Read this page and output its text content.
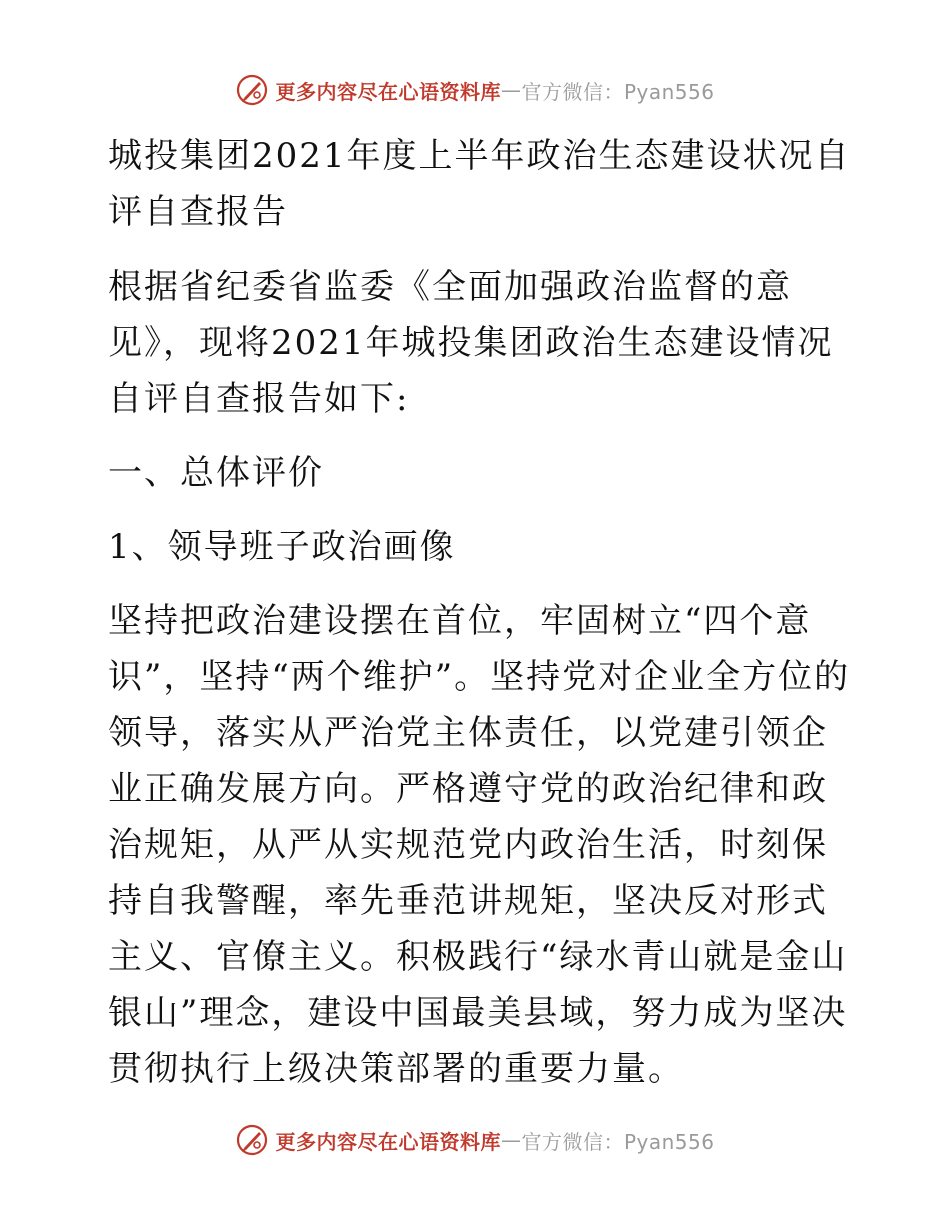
更多内容尽在心语资料库 — 官方微信：Pyan556

城投集团2021年度上半年政治生态建设状况自评自查报告

根据省纪委省监委《全面加强政治监督的意见》，现将2021年城投集团政治生态建设情况自评自查报告如下:

一、总体评价

1、领导班子政治画像

坚持把政治建设摆在首位，牢固树立“四个意识”，坚持“两个维护”。坚持党对企业全方位的领导，落实从严治党主体责任，以党建引领企业正确发展方向。严格遵守党的政治纪律和政治规矩，从严从实规范党内政治生活，时刻保持自我警醒，率先垂范讲规矩，坚决反对形式主义、官僚主义。积极践行“绿水青山就是金山银山”理念，建设中国最美县域，努力成为坚决贯彻执行上级决策部署的重要力量。

更多内容尽在心语资料库 — 官方微信：Pyan556
